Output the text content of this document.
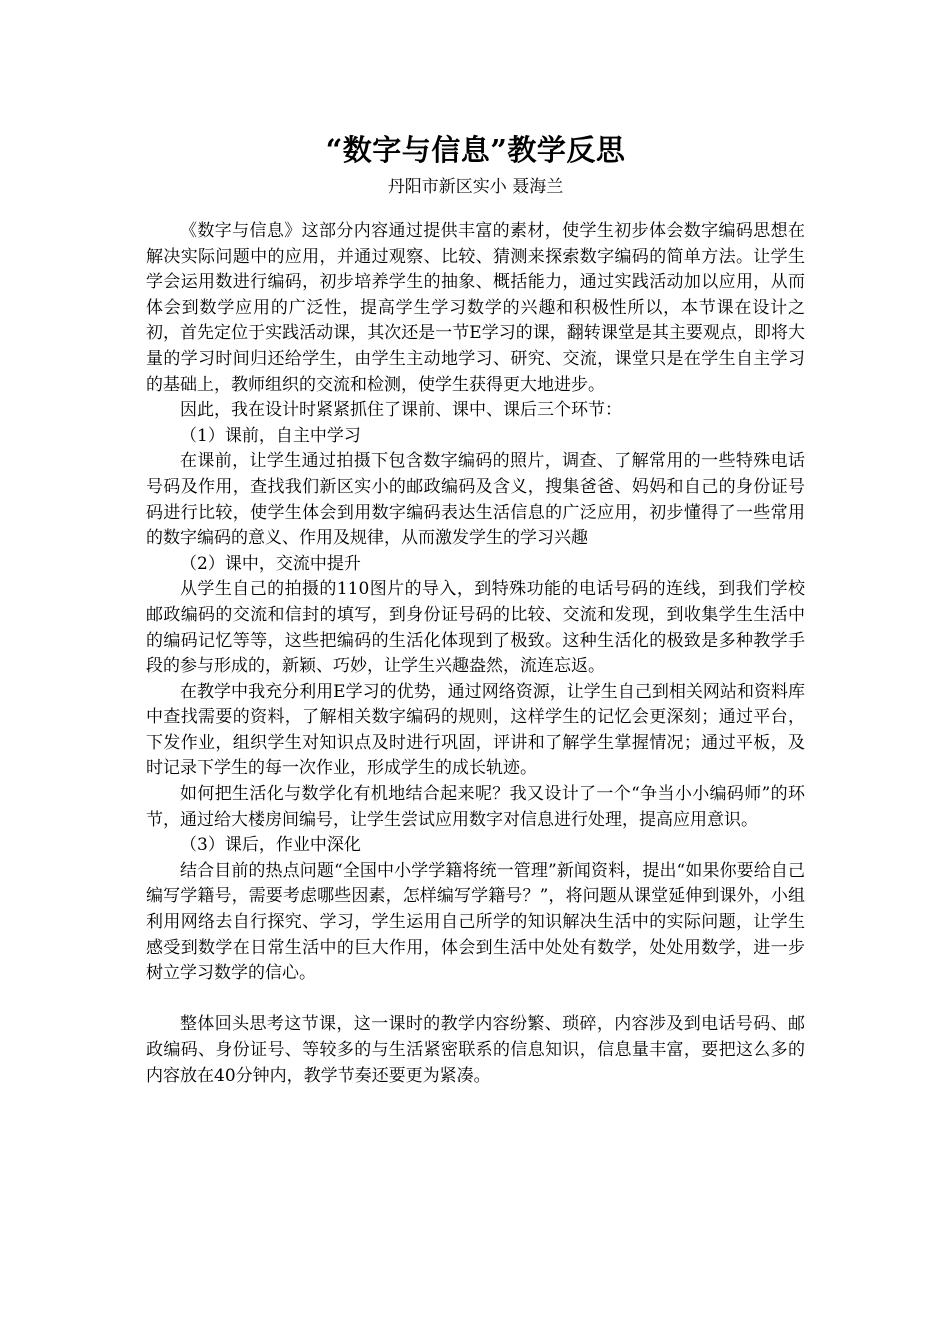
“数字与信息”教学反思
丹阳市新区实小 聂海兰

《数字与信息》这部分内容通过提供丰富的素材，使学生初步体会数字编码思想在解决实际问题中的应用，并通过观察、比较、猜测来探索数字编码的简单方法。让学生学会运用数进行编码，初步培养学生的抽象、概括能力，通过实践活动加以应用，从而体会到数学应用的广泛性，提高学生学习数学的兴趣和积极性所以，本节课在设计之初，首先定位于实践活动课，其次还是一节E学习的课，翻转课堂是其主要观点，即将大量的学习时间归还给学生，由学生主动地学习、研究、交流，课堂只是在学生自主学习的基础上，教师组织的交流和检测，使学生获得更大地进步。

因此，我在设计时紧紧抓住了课前、课中、课后三个环节：

（1）课前，自主中学习

在课前，让学生通过拍摄下包含数字编码的照片，调查、了解常用的一些特殊电话号码及作用，查找我们新区实小的邮政编码及含义，搜集爸爸、妈妈和自己的身份证号码进行比较，使学生体会到用数字编码表达生活信息的广泛应用，初步懂得了一些常用的数字编码的意义、作用及规律，从而激发学生的学习兴趣

（2）课中，交流中提升

从学生自己的拍摄的110图片的导入，到特殊功能的电话号码的连线，到我们学校邮政编码的交流和信封的填写，到身份证号码的比较、交流和发现，到收集学生生活中的编码记忆等等，这些把编码的生活化体现到了极致。这种生活化的极致是多种教学手段的参与形成的，新颖、巧妙，让学生兴趣盎然，流连忘返。

在教学中我充分利用E学习的优势，通过网络资源，让学生自己到相关网站和资料库中查找需要的资料，了解相关数字编码的规则，这样学生的记忆会更深刻；通过平台，下发作业，组织学生对知识点及时进行巩固，评讲和了解学生掌握情况；通过平板，及时记录下学生的每一次作业，形成学生的成长轨迹。

如何把生活化与数学化有机地结合起来呢？我又设计了一个“争当小小编码师”的环节，通过给大楼房间编号，让学生尝试应用数字对信息进行处理，提高应用意识。

（3）课后，作业中深化

结合目前的热点问题“全国中小学学籍将统一管理”新闻资料，提出“如果你要给自己编写学籍号，需要考虑哪些因素，怎样编写学籍号？”，将问题从课堂延伸到课外，小组利用网络去自行探究、学习，学生运用自己所学的知识解决生活中的实际问题，让学生感受到数学在日常生活中的巨大作用，体会到生活中处处有数学，处处用数学，进一步树立学习数学的信心。

整体回头思考这节课，这一课时的教学内容纷繁、琐碎，内容涉及到电话号码、邮政编码、身份证号、等较多的与生活紧密联系的信息知识，信息量丰富，要把这么多的内容放在40分钟内，教学节奏还要更为紧凑。
